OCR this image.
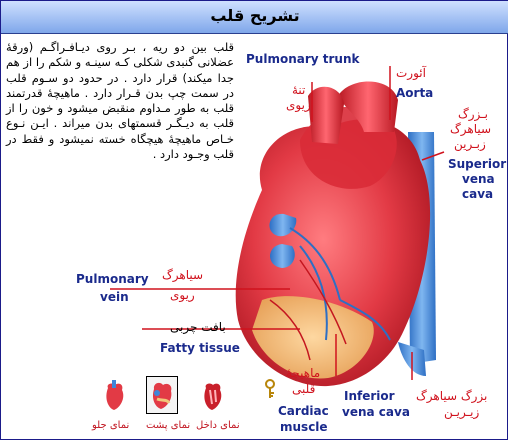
تشریح قلب
قلب بین دو ریه ، بـر روی دیـافـراگـم (ورقهٔ عضلانی گنبدی شکلی کـه سینـه و شکم را از هم جدا میکند) قرار دارد . در حدود دو سـوم قلب در سمت چپ بدن قـرار دارد . ماهیچهٔ قدرتمند قلب به طور مـداوم منقبض میشود و خون را از قلب به دیـگـر قسمتهای بدن میراند . ایـن نـوع خـاص ماهیچهٔ هیچگاه خسته نمیشود و فقط در قلب وجـود دارد .
Pulmonary trunk
تنهٔ
ریوی
آئورت
Aorta
بـزرگ
سیاهرگ
زبـرین
Superior
vena
cava
Pulmonary
vein
سیاهرگ
ریوی
بافت چربی
Fatty tissue
ماهیچهٔ
قلبی
Cardiac
muscle
Inferior
vena cava
بزرگ سیاهرگ
زیـریـن
نمای جلو نمای پشت نمای داخل
